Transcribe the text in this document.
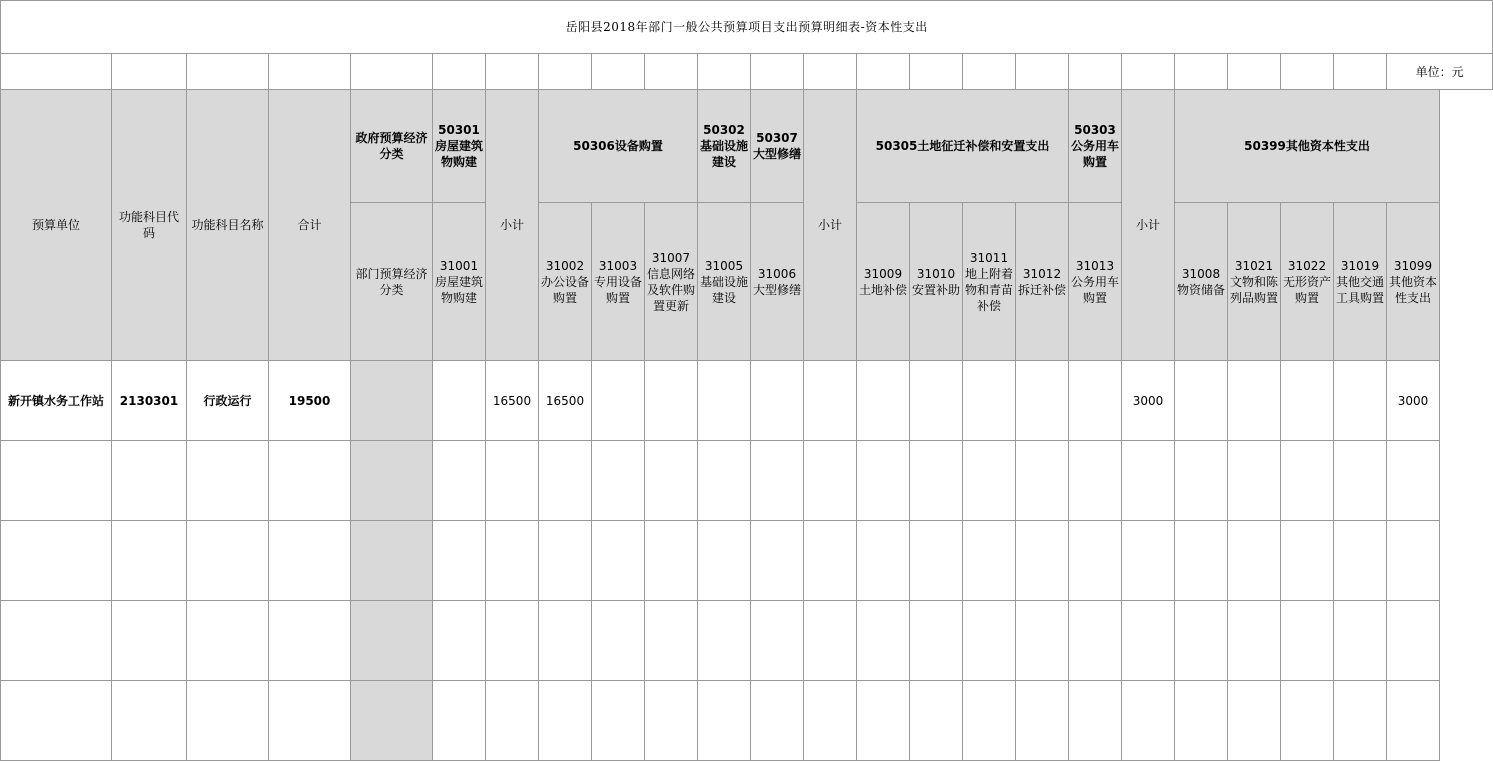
岳阳县2018年部门一般公共预算项目支出预算明细表-资本性支出																							
																							单位：元
预算单位	功能科目代码	功能科目名称	合计	政府预算经济分类	50301房屋建筑物购建	小计	50306设备购置			50302基础设施建设	50307大型修缮	小计	50305土地征迁补偿和安置支出				50303公务用车购置	小计	50399其他资本性支出				
				部门预算经济分类	31001房屋建筑物购建		31002办公设备购置	31003专用设备购置	31007信息网络及软件购置更新	31005基础设施建设	31006大型修缮		31009土地补偿	31010安置补助	31011地上附着物和青苗补偿	31012拆迁补偿	31013公务用车购置		31008物资储备	31021文物和陈列品购置	31022无形资产购置	31019其他交通工具购置	31099其他资本性支出
新开镇水务工作站	2130301	行政运行	19500			16500	16500											3000					3000
